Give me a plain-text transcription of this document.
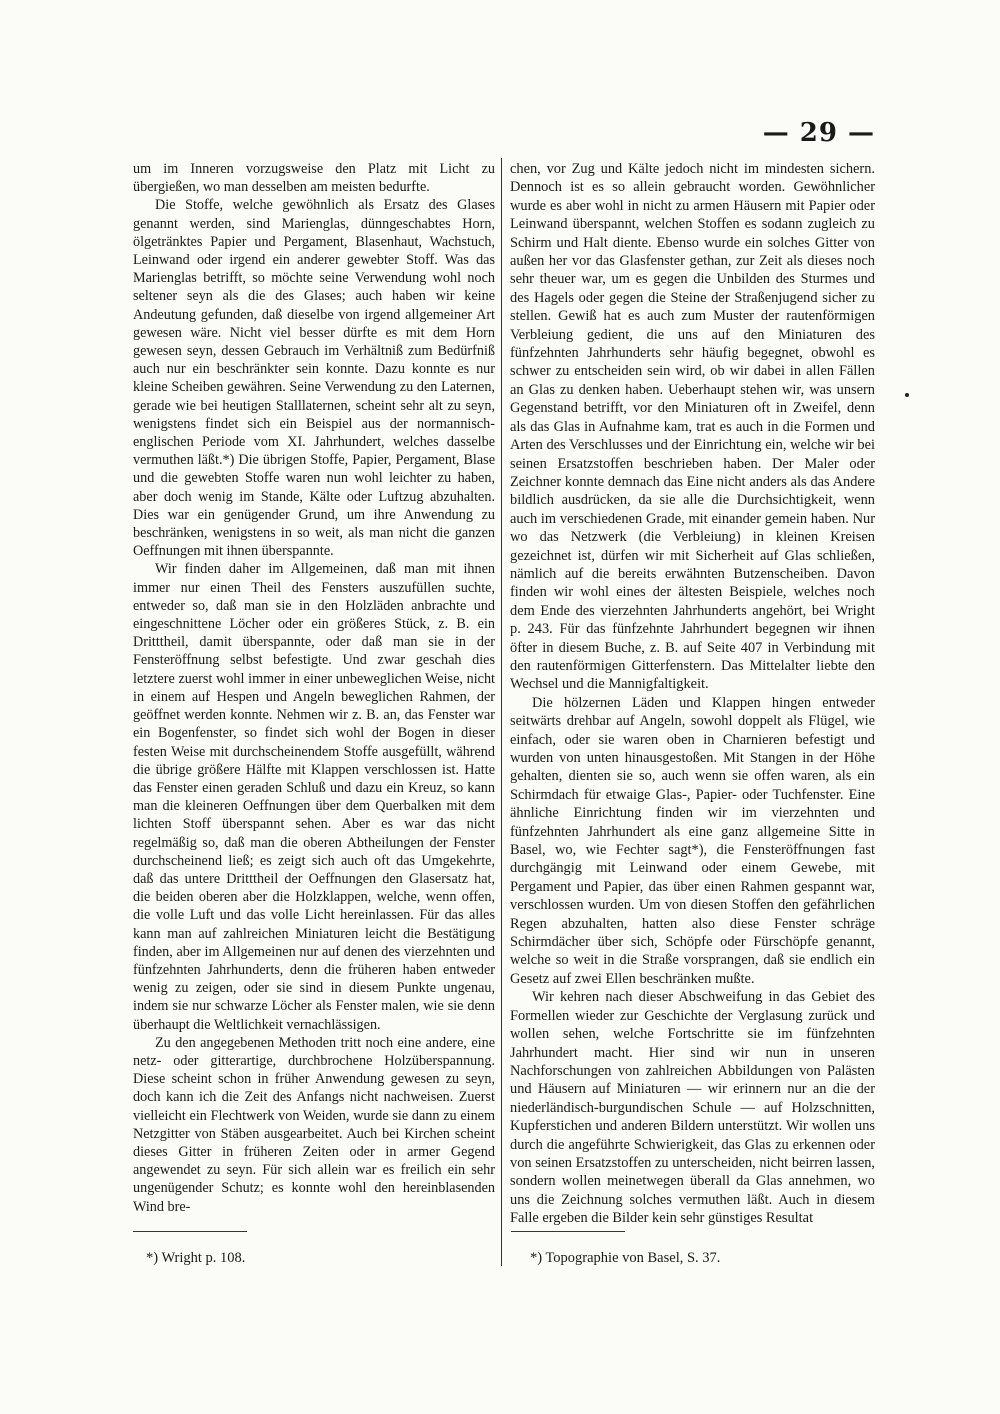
— 29 —

um im Inneren vorzugsweise den Platz mit Licht zu übergießen, wo man desselben am meisten bedurfte.

Die Stoffe, welche gewöhnlich als Ersatz des Glases genannt werden, sind Marienglas, dünngeschabtes Horn, ölgetränktes Papier und Pergament, Blasenhaut, Wachstuch, Leinwand oder irgend ein anderer gewebter Stoff. Was das Marienglas betrifft, so möchte seine Verwendung wohl noch seltener seyn als die des Glases; auch haben wir keine Andeutung gefunden, daß dieselbe von irgend allgemeiner Art gewesen wäre. Nicht viel besser dürfte es mit dem Horn gewesen seyn, dessen Gebrauch im Verhältniß zum Bedürfniß auch nur ein beschränkter sein konnte. Dazu konnte es nur kleine Scheiben gewähren. Seine Verwendung zu den Laternen, gerade wie bei heutigen Stalllaternen, scheint sehr alt zu seyn, wenigstens findet sich ein Beispiel aus der normannisch-englischen Periode vom XI. Jahrhundert, welches dasselbe vermuthen läßt.*) Die übrigen Stoffe, Papier, Pergament, Blase und die gewebten Stoffe waren nun wohl leichter zu haben, aber doch wenig im Stande, Kälte oder Luftzug abzuhalten. Dies war ein genügender Grund, um ihre Anwendung zu beschränken, wenigstens in so weit, als man nicht die ganzen Oeffnungen mit ihnen überspannte.

Wir finden daher im Allgemeinen, daß man mit ihnen immer nur einen Theil des Fensters auszufüllen suchte, entweder so, daß man sie in den Holzläden anbrachte und eingeschnittene Löcher oder ein größeres Stück, z. B. ein Dritttheil, damit überspannte, oder daß man sie in der Fensteröffnung selbst befestigte. Und zwar geschah dies letztere zuerst wohl immer in einer unbeweglichen Weise, nicht in einem auf Hespen und Angeln beweglichen Rahmen, der geöffnet werden konnte. Nehmen wir z. B. an, das Fenster war ein Bogenfenster, so findet sich wohl der Bogen in dieser festen Weise mit durchscheinendem Stoffe ausgefüllt, während die übrige größere Hälfte mit Klappen verschlossen ist. Hatte das Fenster einen geraden Schluß und dazu ein Kreuz, so kann man die kleineren Oeffnungen über dem Querbalken mit dem lichten Stoff überspannt sehen. Aber es war das nicht regelmäßig so, daß man die oberen Abtheilungen der Fenster durchscheinend ließ; es zeigt sich auch oft das Umgekehrte, daß das untere Dritttheil der Oeffnungen den Glasersatz hat, die beiden oberen aber die Holzklappen, welche, wenn offen, die volle Luft und das volle Licht hereinlassen. Für das alles kann man auf zahlreichen Miniaturen leicht die Bestätigung finden, aber im Allgemeinen nur auf denen des vierzehnten und fünfzehnten Jahrhunderts, denn die früheren haben entweder wenig zu zeigen, oder sie sind in diesem Punkte ungenau, indem sie nur schwarze Löcher als Fenster malen, wie sie denn überhaupt die Weltlichkeit vernachlässigen.

Zu den angegebenen Methoden tritt noch eine andere, eine netz- oder gitterartige, durchbrochene Holzüberspannung. Diese scheint schon in früher Anwendung gewesen zu seyn, doch kann ich die Zeit des Anfangs nicht nachweisen. Zuerst vielleicht ein Flechtwerk von Weiden, wurde sie dann zu einem Netzgitter von Stäben ausgearbeitet. Auch bei Kirchen scheint dieses Gitter in früheren Zeiten oder in armer Gegend angewendet zu seyn. Für sich allein war es freilich ein sehr ungenügender Schutz; es konnte wohl den hereinblasenden Wind bre-

chen, vor Zug und Kälte jedoch nicht im mindesten sichern. Dennoch ist es so allein gebraucht worden. Gewöhnlicher wurde es aber wohl in nicht zu armen Häusern mit Papier oder Leinwand überspannt, welchen Stoffen es sodann zugleich zu Schirm und Halt diente. Ebenso wurde ein solches Gitter von außen her vor das Glasfenster gethan, zur Zeit als dieses noch sehr theuer war, um es gegen die Unbilden des Sturmes und des Hagels oder gegen die Steine der Straßenjugend sicher zu stellen. Gewiß hat es auch zum Muster der rautenförmigen Verbleiung gedient, die uns auf den Miniaturen des fünfzehnten Jahrhunderts sehr häufig begegnet, obwohl es schwer zu entscheiden sein wird, ob wir dabei in allen Fällen an Glas zu denken haben. Ueberhaupt stehen wir, was unsern Gegenstand betrifft, vor den Miniaturen oft in Zweifel, denn als das Glas in Aufnahme kam, trat es auch in die Formen und Arten des Verschlusses und der Einrichtung ein, welche wir bei seinen Ersatzstoffen beschrieben haben. Der Maler oder Zeichner konnte demnach das Eine nicht anders als das Andere bildlich ausdrücken, da sie alle die Durchsichtigkeit, wenn auch im verschiedenen Grade, mit einander gemein haben. Nur wo das Netzwerk (die Verbleiung) in kleinen Kreisen gezeichnet ist, dürfen wir mit Sicherheit auf Glas schließen, nämlich auf die bereits erwähnten Butzenscheiben. Davon finden wir wohl eines der ältesten Beispiele, welches noch dem Ende des vierzehnten Jahrhunderts angehört, bei Wright p. 243. Für das fünfzehnte Jahrhundert begegnen wir ihnen öfter in diesem Buche, z. B. auf Seite 407 in Verbindung mit den rautenförmigen Gitterfenstern. Das Mittelalter liebte den Wechsel und die Mannigfaltigkeit.

Die hölzernen Läden und Klappen hingen entweder seitwärts drehbar auf Angeln, sowohl doppelt als Flügel, wie einfach, oder sie waren oben in Charnieren befestigt und wurden von unten hinausgestoßen. Mit Stangen in der Höhe gehalten, dienten sie so, auch wenn sie offen waren, als ein Schirmdach für etwaige Glas-, Papier- oder Tuchfenster. Eine ähnliche Einrichtung finden wir im vierzehnten und fünfzehnten Jahrhundert als eine ganz allgemeine Sitte in Basel, wo, wie Fechter sagt*), die Fensteröffnungen fast durchgängig mit Leinwand oder einem Gewebe, mit Pergament und Papier, das über einen Rahmen gespannt war, verschlossen wurden. Um von diesen Stoffen den gefährlichen Regen abzuhalten, hatten also diese Fenster schräge Schirmdächer über sich, Schöpfe oder Fürschöpfe genannt, welche so weit in die Straße vorsprangen, daß sie endlich ein Gesetz auf zwei Ellen beschränken mußte.

Wir kehren nach dieser Abschweifung in das Gebiet des Formellen wieder zur Geschichte der Verglasung zurück und wollen sehen, welche Fortschritte sie im fünfzehnten Jahrhundert macht. Hier sind wir nun in unseren Nachforschungen von zahlreichen Abbildungen von Palästen und Häusern auf Miniaturen — wir erinnern nur an die der niederländisch-burgundischen Schule — auf Holzschnitten, Kupferstichen und anderen Bildern unterstützt. Wir wollen uns durch die angeführte Schwierigkeit, das Glas zu erkennen oder von seinen Ersatzstoffen zu unterscheiden, nicht beirren lassen, sondern wollen meinetwegen überall da Glas annehmen, wo uns die Zeichnung solches vermuthen läßt. Auch in diesem Falle ergeben die Bilder kein sehr günstiges Resultat

*) Wright p. 108.	*) Topographie von Basel, S. 37.
